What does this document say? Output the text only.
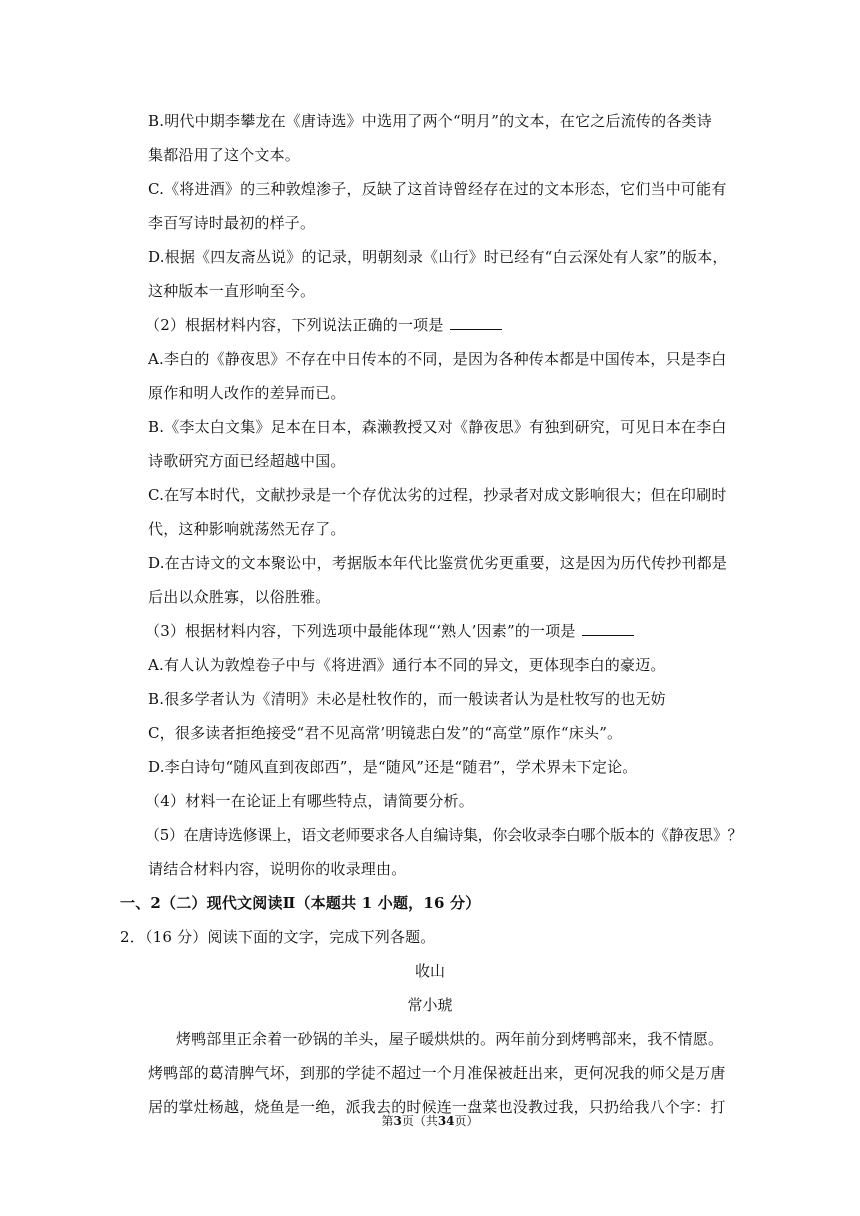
B.明代中期李攀龙在《唐诗选》中选用了两个“明月”的文本，在它之后流传的各类诗
集都沿用了这个文本。
C.《将进酒》的三种敦煌渗子，反缺了这首诗曾经存在过的文本形态，它们当中可能有
李百写诗时最初的样子。
D.根据《四友斋丛说》的记录，明朝刻录《山行》时已经有“白云深处有人家”的版本，
这种版本一直形响至今。
（2）根据材料内容，下列说法正确的一项是
A.李白的《静夜思》不存在中日传本的不同，是因为各种传本都是中国传本，只是李白
原作和明人改作的差异而已。
B.《李太白文集》足本在日本，森濑教授又对《静夜思》有独到研究，可见日本在李白
诗歌研究方面已经超越中国。
C.在写本时代，文献抄录是一个存优汰劣的过程，抄录者对成文影响很大；但在印刷时
代，这种影响就荡然无存了。
D.在古诗文的文本聚讼中，考据版本年代比鉴赏优劣更重要，这是因为历代传抄刊都是
后出以众胜寡，以俗胜雅。
（3）根据材料内容，下列选项中最能体现“‘熟人’因素”的一项是
A.有人认为敦煌卷子中与《将进酒》通行本不同的异文，更体现李白的豪迈。
B.很多学者认为《清明》未必是杜牧作的，而一般读者认为是杜牧写的也无妨
C，很多读者拒绝接受“君不见高常’明镜悲白发”的“高堂”原作“床头”。
D.李白诗句“随风直到夜郎西”，是“随风”还是“随君”，学术界未下定论。
（4）材料一在论证上有哪些特点，请简要分析。
（5）在唐诗选修课上，语文老师要求各人自编诗集，你会收录李白哪个版本的《静夜思》？
请结合材料内容，说明你的收录理由。
一、2（二）现代文阅读Ⅱ（本题共 1 小题，16 分）
2．（16 分）阅读下面的文字，完成下列各题。
收山
常小琥
烤鸭部里正余着一砂锅的羊头，屋子暖烘烘的。两年前分到烤鸭部来，我不情愿。
烤鸭部的葛清脾气坏，到那的学徒不超过一个月准保被赶出来，更何况我的师父是万唐
居的掌灶杨越，烧鱼是一绝，派我去的时候连一盘菜也没教过我，只扔给我八个字：打
第3页（共34页）
